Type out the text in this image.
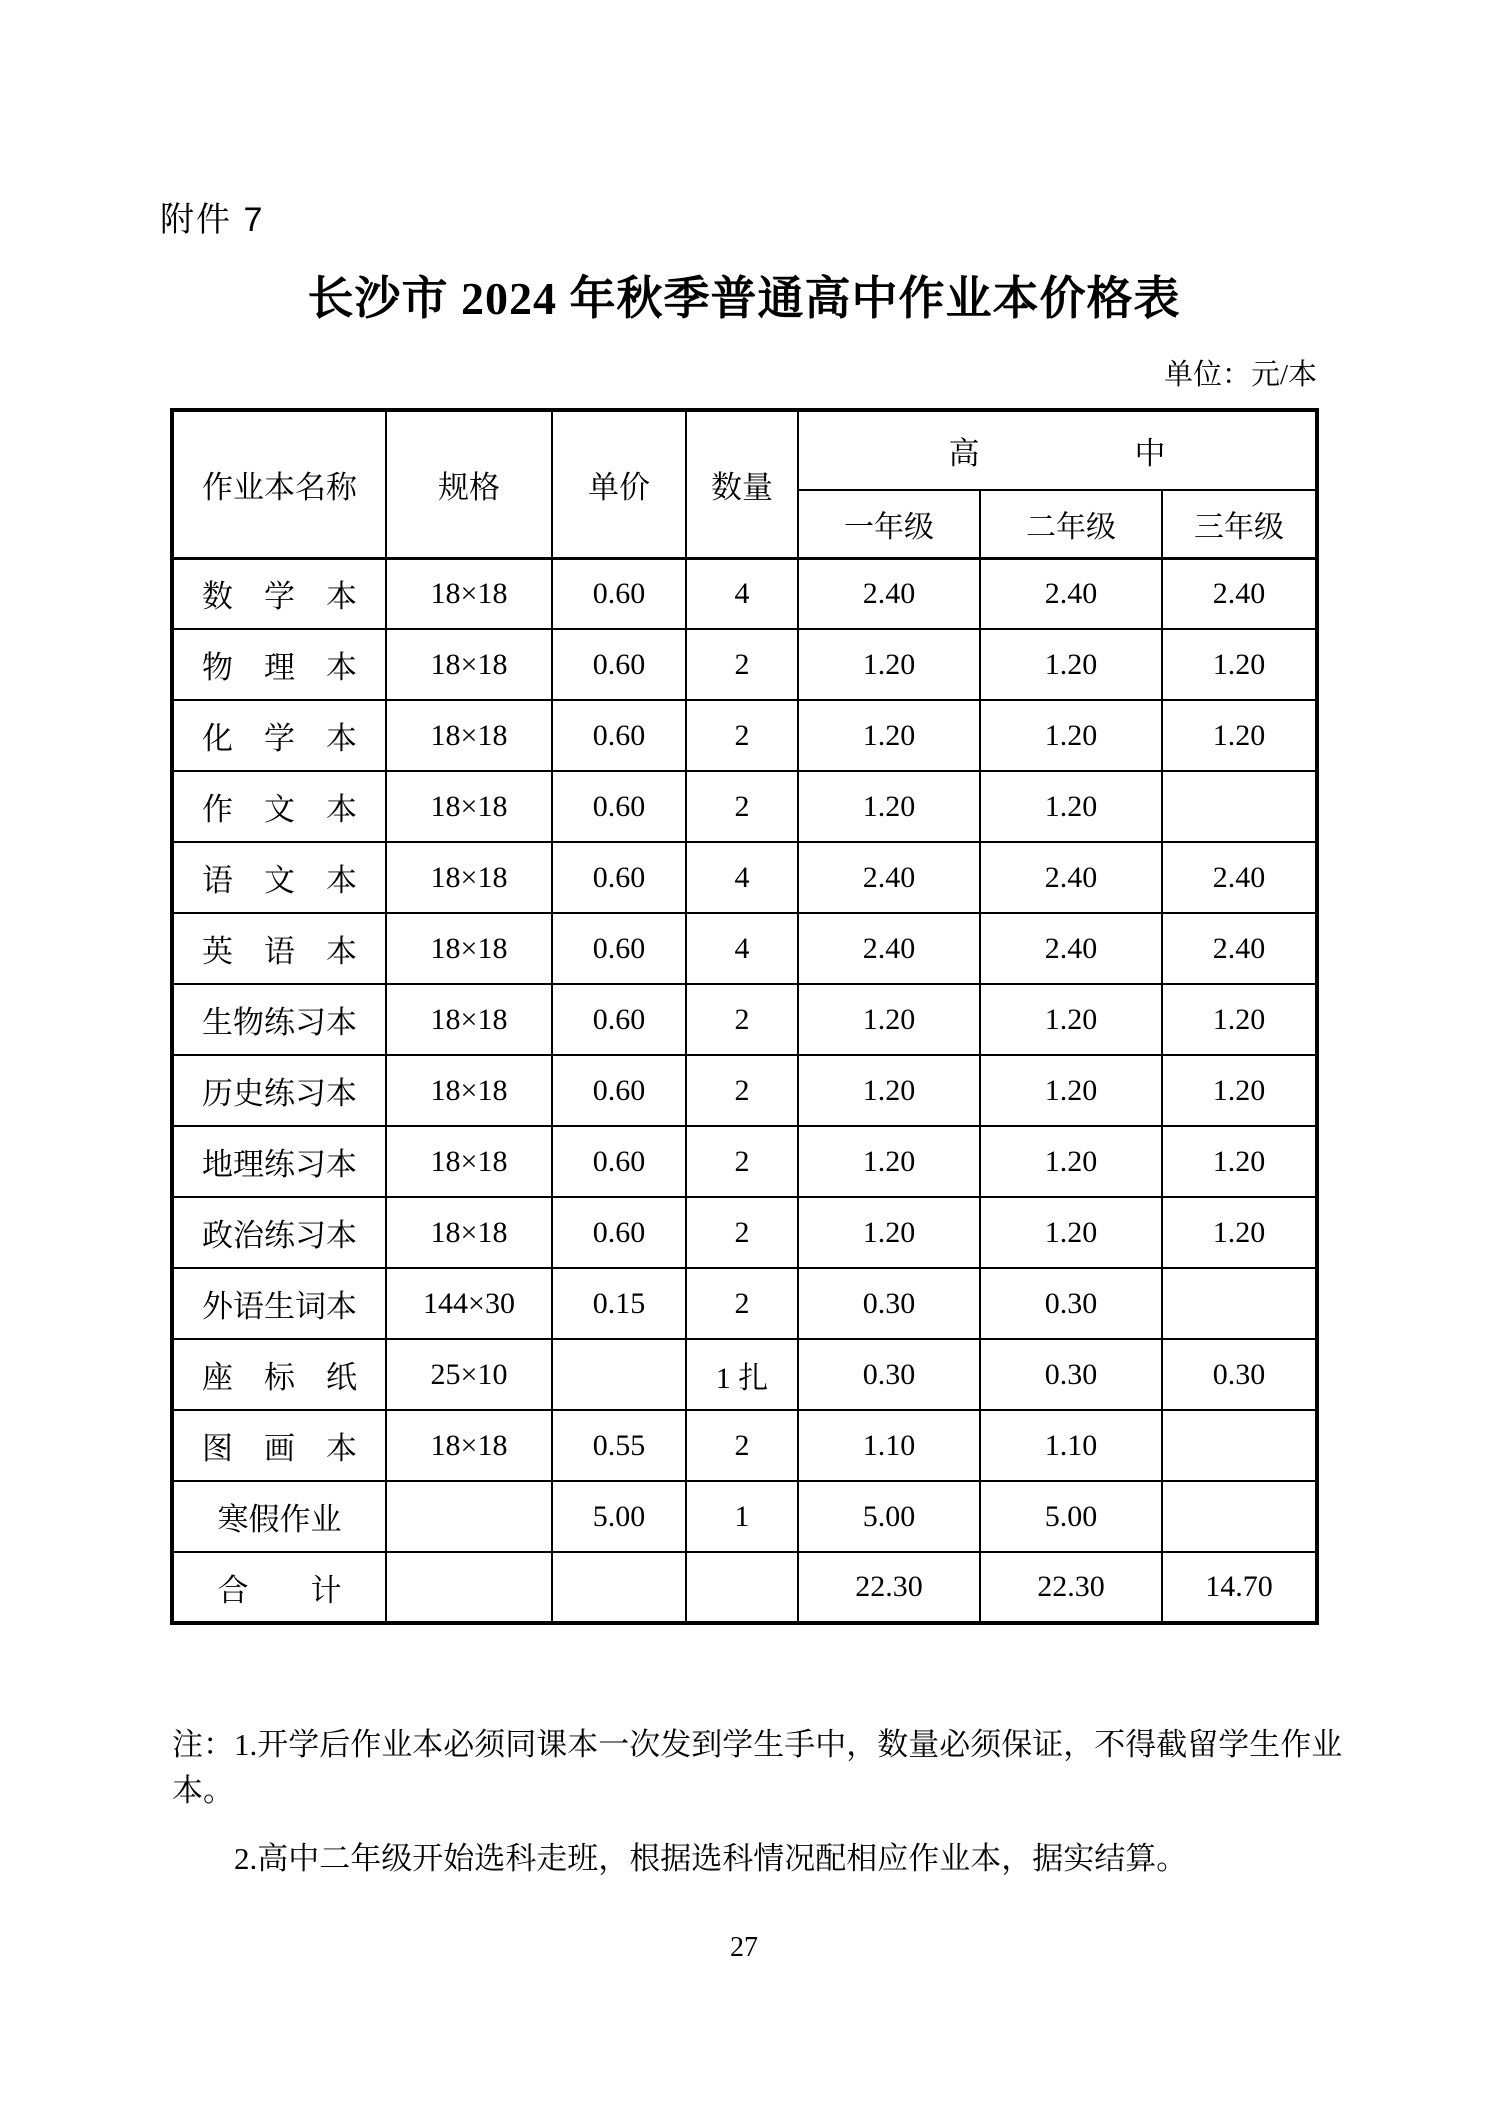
附件 7
长沙市 2024 年秋季普通高中作业本价格表
单位：元/本
作业本名称	规格	单价	数量	高　　　　　中		
				一年级	二年级	三年级
数　学　本	18×18	0.60	4	2.40	2.40	2.40
物　理　本	18×18	0.60	2	1.20	1.20	1.20
化　学　本	18×18	0.60	2	1.20	1.20	1.20
作　文　本	18×18	0.60	2	1.20	1.20	
语　文　本	18×18	0.60	4	2.40	2.40	2.40
英　语　本	18×18	0.60	4	2.40	2.40	2.40
生物练习本	18×18	0.60	2	1.20	1.20	1.20
历史练习本	18×18	0.60	2	1.20	1.20	1.20
地理练习本	18×18	0.60	2	1.20	1.20	1.20
政治练习本	18×18	0.60	2	1.20	1.20	1.20
外语生词本	144×30	0.15	2	0.30	0.30	
座　标　纸	25×10		1 扎	0.30	0.30	0.30
图　画　本	18×18	0.55	2	1.10	1.10	
寒假作业		5.00	1	5.00	5.00	
合　　计				22.30	22.30	14.70
注：1.开学后作业本必须同课本一次发到学生手中，数量必须保证，不得截留学生作业本。
2.高中二年级开始选科走班，根据选科情况配相应作业本，据实结算。
27
